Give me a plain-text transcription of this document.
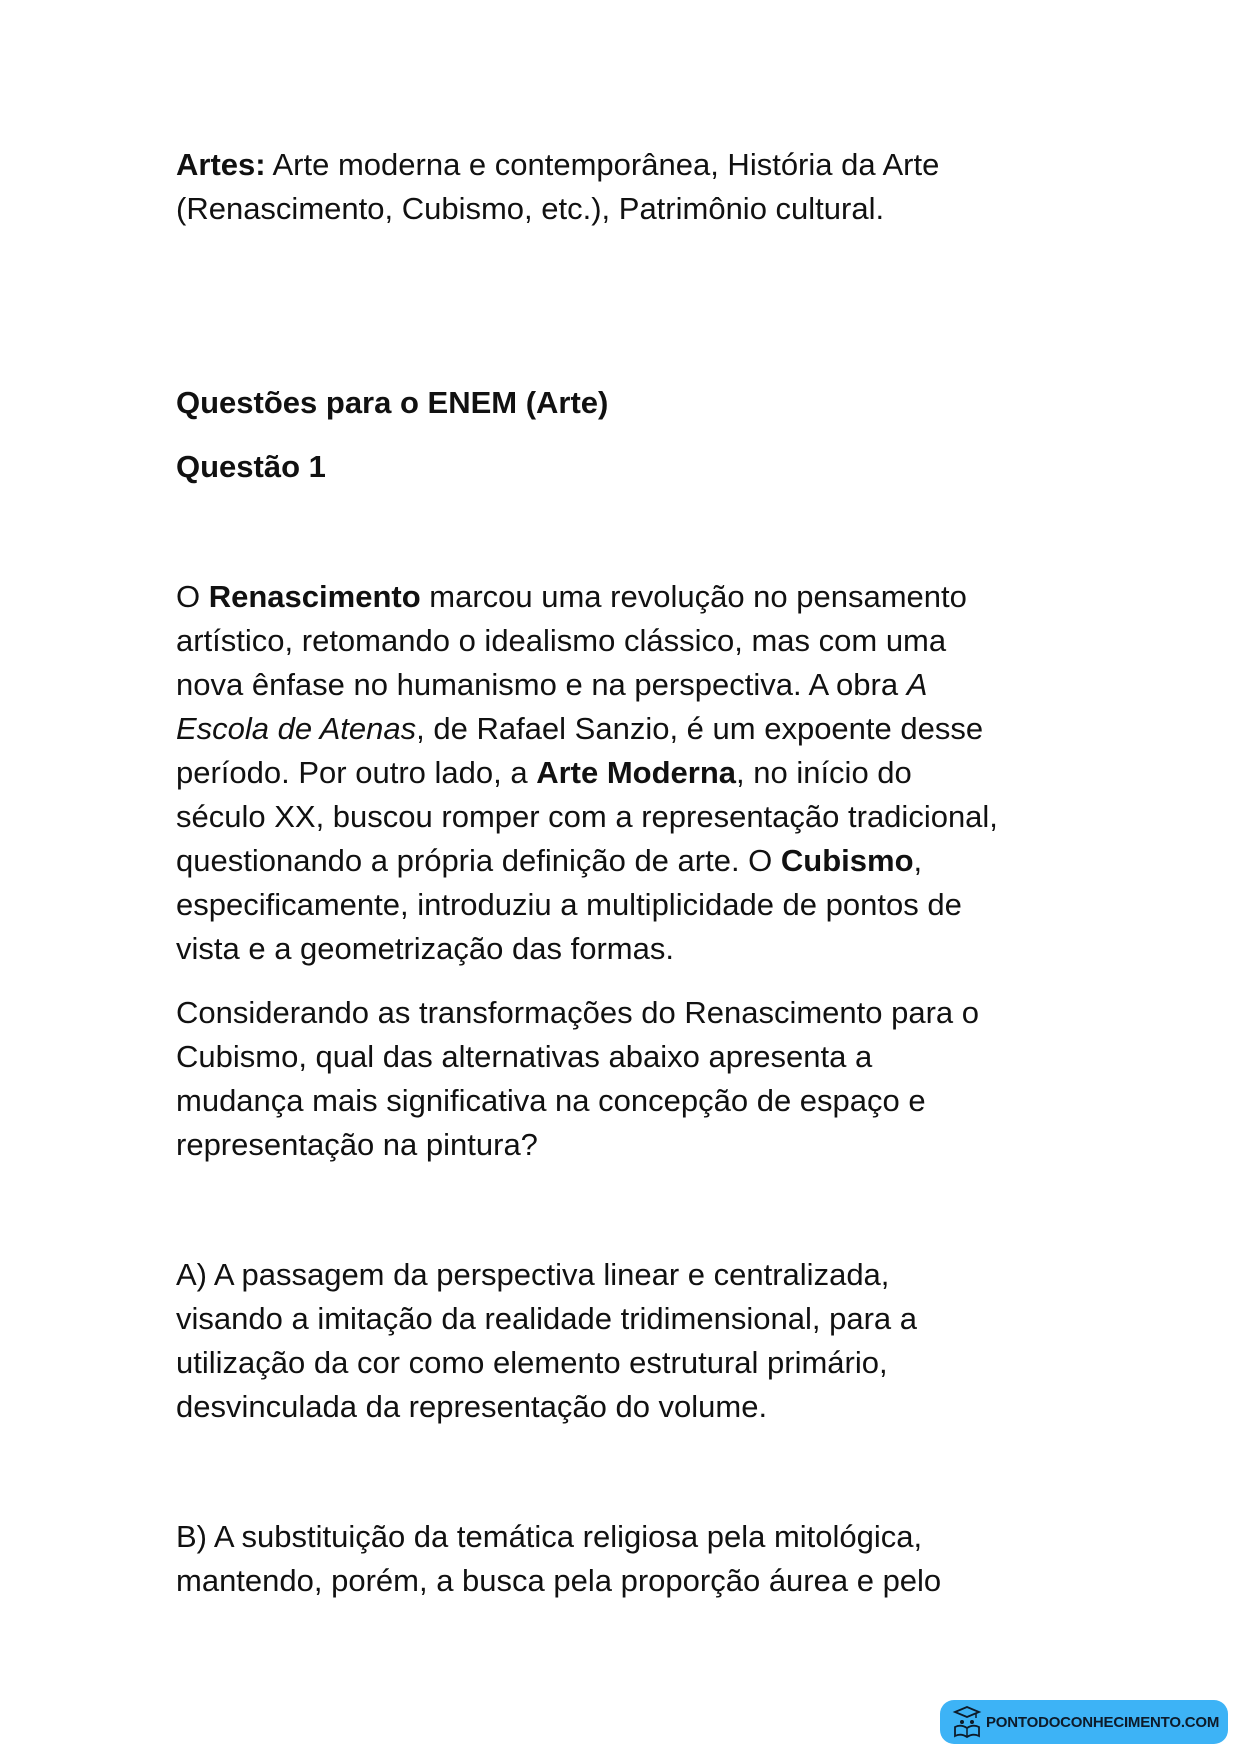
Artes: Arte moderna e contemporânea, História da Arte
(Renascimento, Cubismo, etc.), Patrimônio cultural.
Questões para o ENEM (Arte)
Questão 1
O Renascimento marcou uma revolução no pensamento
artístico, retomando o idealismo clássico, mas com uma
nova ênfase no humanismo e na perspectiva. A obra A
Escola de Atenas, de Rafael Sanzio, é um expoente desse
período. Por outro lado, a Arte Moderna, no início do
século XX, buscou romper com a representação tradicional,
questionando a própria definição de arte. O Cubismo,
especificamente, introduziu a multiplicidade de pontos de
vista e a geometrização das formas.
Considerando as transformações do Renascimento para o
Cubismo, qual das alternativas abaixo apresenta a
mudança mais significativa na concepção de espaço e
representação na pintura?
A) A passagem da perspectiva linear e centralizada,
visando a imitação da realidade tridimensional, para a
utilização da cor como elemento estrutural primário,
desvinculada da representação do volume.
B) A substituição da temática religiosa pela mitológica,
mantendo, porém, a busca pela proporção áurea e pelo
PONTODOCONHECIMENTO.COM
